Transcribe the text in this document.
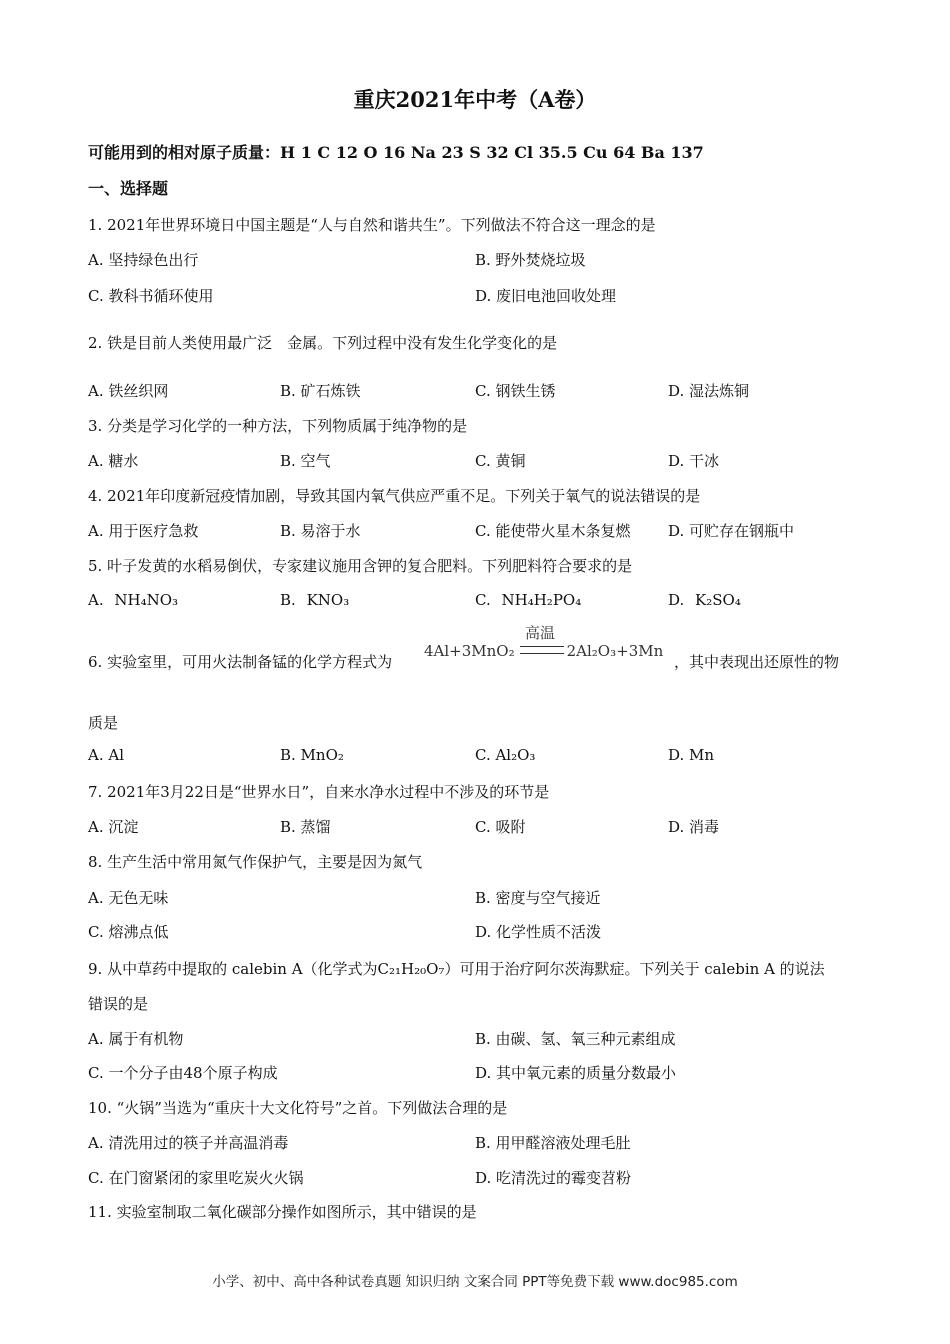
重庆2021年中考（A卷）
可能用到的相对原子质量：H 1 C 12 O 16 Na 23 S 32 Cl 35.5 Cu 64 Ba 137
一、选择题
1. 2021年世界环境日中国主题是“人与自然和谐共生”。下列做法不符合这一理念的是
A. 坚持绿色出行	B. 野外焚烧垃圾
C. 教科书循环使用	D. 废旧电池回收处理
2. 铁是目前人类使用最广泛　金属。下列过程中没有发生化学变化的是
A. 铁丝织网	B. 矿石炼铁	C. 钢铁生锈	D. 湿法炼铜
3. 分类是学习化学的一种方法，下列物质属于纯净物的是
A. 糖水	B. 空气	C. 黄铜	D. 干冰
4. 2021年印度新冠疫情加剧，导致其国内氧气供应严重不足。下列关于氧气的说法错误的是
A. 用于医疗急救	B. 易溶于水	C. 能使带火星木条复燃	D. 可贮存在钢瓶中
5. 叶子发黄的水稻易倒伏，专家建议施用含钾的复合肥料。下列肥料符合要求的是
A. NH₄NO₃	B. KNO₃	C. NH₄H₂PO₄	D. K₂SO₄
6. 实验室里，可用火法制备锰的化学方程式为
高温
4Al+3MnO₂	2Al₂O₃+3Mn
，其中表现出还原性的物
质是
A. Al	B. MnO₂	C. Al₂O₃	D. Mn
7. 2021年3月22日是“世界水日”，自来水净水过程中不涉及的环节是
A. 沉淀	B. 蒸馏	C. 吸附	D. 消毒
8. 生产生活中常用氮气作保护气，主要是因为氮气
A. 无色无味	B. 密度与空气接近
C. 熔沸点低	D. 化学性质不活泼
9. 从中草药中提取的 calebin A（化学式为C₂₁H₂₀O₇）可用于治疗阿尔茨海默症。下列关于 calebin A 的说法
错误的是
A. 属于有机物	B. 由碳、氢、氧三种元素组成
C. 一个分子由48个原子构成	D. 其中氧元素的质量分数最小
10. “火锅”当选为“重庆十大文化符号”之首。下列做法合理的是
A. 清洗用过的筷子并高温消毒	B. 用甲醛溶液处理毛肚
C. 在门窗紧闭的家里吃炭火火锅	D. 吃清洗过的霉变苕粉
11. 实验室制取二氧化碳部分操作如图所示，其中错误的是
小学、初中、高中各种试卷真题 知识归纳 文案合同 PPT等免费下载 www.doc985.com
